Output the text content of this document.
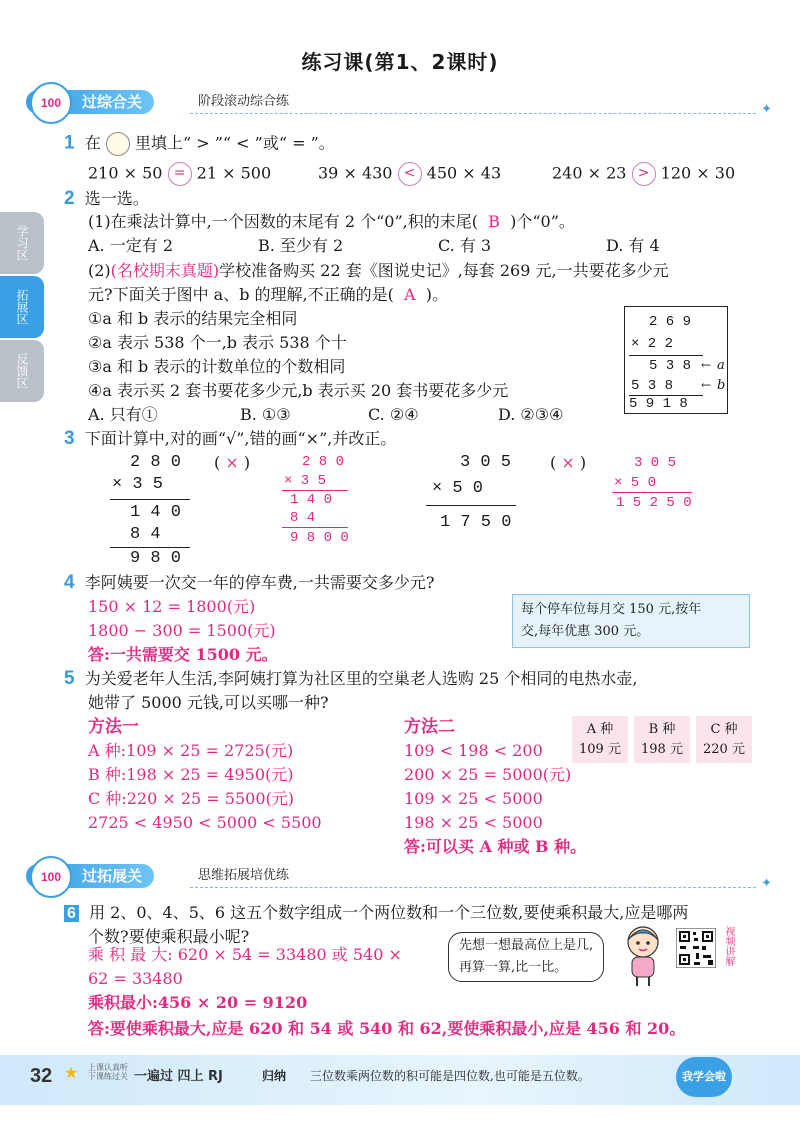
练习课(第1、2课时)
学习区
拓展区
反馈区
过综合关
100	阶段滚动综合练
✦
1 在 里填上“ > ”“ < ”或“ = ”。
210 × 50 = 21 × 500	39 × 430 < 450 × 43	240 × 23 > 120 × 30
2 选一选。
(1)在乘法计算中,一个因数的末尾有 2 个“0”,积的末尾( B )个“0”。
A. 一定有 2	B. 至少有 2	C. 有 3	D. 有 4
(2)(名校期末真题)学校准备购买 22 套《图说史记》,每套 269 元,一共要花多少元
元?下面关于图中 a、b 的理解,不正确的是( A )。
①a 和 b 表示的结果完全相同
②a 表示 538 个一,b 表示 538 个十
③a 和 b 表示的计数单位的个数相同
④a 表示买 2 套书要花多少元,b 表示买 20 套书要花多少元
A. 只有①	B. ①③	C. ②④	D. ②③④
2 6 9
× 2 2
5 3 8
5 3 8
5 9 1 8
← a
← b
3 下面计算中,对的画“√”,错的画“×”,并改正。
2 8 0
× 3 5
1 4 0
8 4
9 8 0
( × )	2 8 0
× 3 5
1 4 0
8 4
9 8 0 0
3 0 5
× 5 0
1 7 5 0
( × )	3 0 5
× 5 0
1 5 2 5 0
4 李阿姨要一次交一年的停车费,一共需要交多少元?
每个停车位每月交 150 元,按年
交,每年优惠 300 元。
150 × 12 = 1800(元)
1800 − 300 = 1500(元)
答:一共需要交 1500 元。
5 为关爱老年人生活,李阿姨打算为社区里的空巢老人选购 25 个相同的电热水壶,
她带了 5000 元钱,可以买哪一种?
A 种
109 元

B 种
198 元

C 种
220 元
方法一
A 种:109 × 25 = 2725(元)
B 种:198 × 25 = 4950(元)
C 种:220 × 25 = 5500(元)
2725 < 4950 < 5000 < 5500
方法二
109 < 198 < 200
200 × 25 = 5000(元)
109 × 25 < 5000
198 × 25 < 5000
答:可以买 A 种或 B 种。
过拓展关
100	思维拓展培优练
✦
6 用 2、0、4、5、6 这五个数字组成一个两位数和一个三位数,要使乘积最大,应是哪两
个数?要使乘积最小呢?	先想一想最高位上是几,
再算一算,比一比。
视频讲解
乘 积 最 大: 620 × 54 = 33480 或 540 ×
62 = 33480
乘积最小:456 × 20 = 9120
答:要使乘积最大,应是 620 和 54 或 540 和 62,要使乘积最小,应是 456 和 20。
32 ★ 上课认真听
下课练过关 一遍过 四上 RJ	归纳 三位数乘两位数的积可能是四位数,也可能是五位数。	我学会啦
